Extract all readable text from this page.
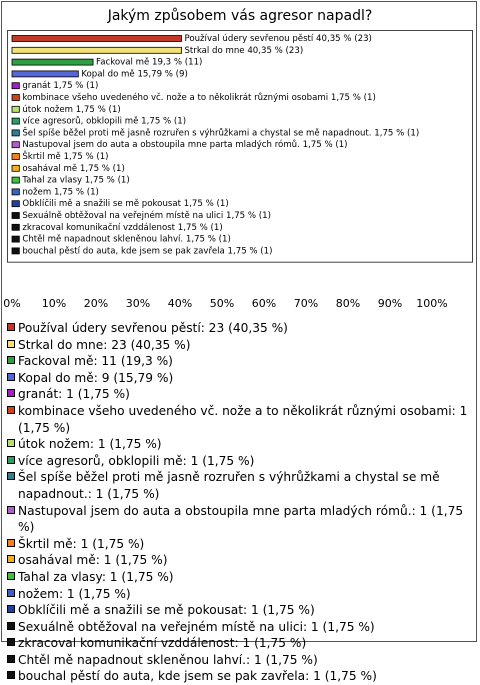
Jakým způsobem vás agresor napadl?
Používal údery sevřenou pěstí 40,35 % (23)
Strkal do mne 40,35 % (23)
Fackoval mě 19,3 % (11)
Kopal do mě 15,79 % (9)
granát 1,75 % (1)
kombinace všeho uvedeného vč. nože a to několikrát různými osobami 1,75 % (1)
útok nožem 1,75 % (1)
více agresorů, obklopili mě 1,75 % (1)
Šel spíše běžel proti mě jasně rozruřen s výhrůžkami a chystal se mě napadnout. 1,75 % (1)
Nastupoval jsem do auta a obstoupila mne parta mladých rómů. 1,75 % (1)
Škrtil mě 1,75 % (1)
osahával mě 1,75 % (1)
Tahal za vlasy 1,75 % (1)
nožem 1,75 % (1)
Obklíčili mě a snažili se mě pokousat 1,75 % (1)
Sexuálně obtěžoval na veřejném místě na ulici 1,75 % (1)
zkracoval komunikační vzddálenost 1,75 % (1)
Chtěl mě napadnout skleněnou lahví. 1,75 % (1)
bouchal pěstí do auta, kde jsem se pak zavřela 1,75 % (1)
0% 10% 20% 30% 40% 50% 60% 70% 80% 90% 100%
Používal údery sevřenou pěstí: 23 (40,35 %)
Strkal do mne: 23 (40,35 %)
Fackoval mě: 11 (19,3 %)
Kopal do mě: 9 (15,79 %)
granát: 1 (1,75 %)
kombinace všeho uvedeného vč. nože a to několikrát různými osobami: 1 (1,75 %)
útok nožem: 1 (1,75 %)
více agresorů, obklopili mě: 1 (1,75 %)
Šel spíše běžel proti mě jasně rozruřen s výhrůžkami a chystal se mě napadnout.: 1 (1,75 %)
Nastupoval jsem do auta a obstoupila mne parta mladých rómů.: 1 (1,75 %)
Škrtil mě: 1 (1,75 %)
osahával mě: 1 (1,75 %)
Tahal za vlasy: 1 (1,75 %)
nožem: 1 (1,75 %)
Obklíčili mě a snažili se mě pokousat: 1 (1,75 %)
Sexuálně obtěžoval na veřejném místě na ulici: 1 (1,75 %)
zkracoval komunikační vzddálenost: 1 (1,75 %)
Chtěl mě napadnout skleněnou lahví.: 1 (1,75 %)
bouchal pěstí do auta, kde jsem se pak zavřela: 1 (1,75 %)
